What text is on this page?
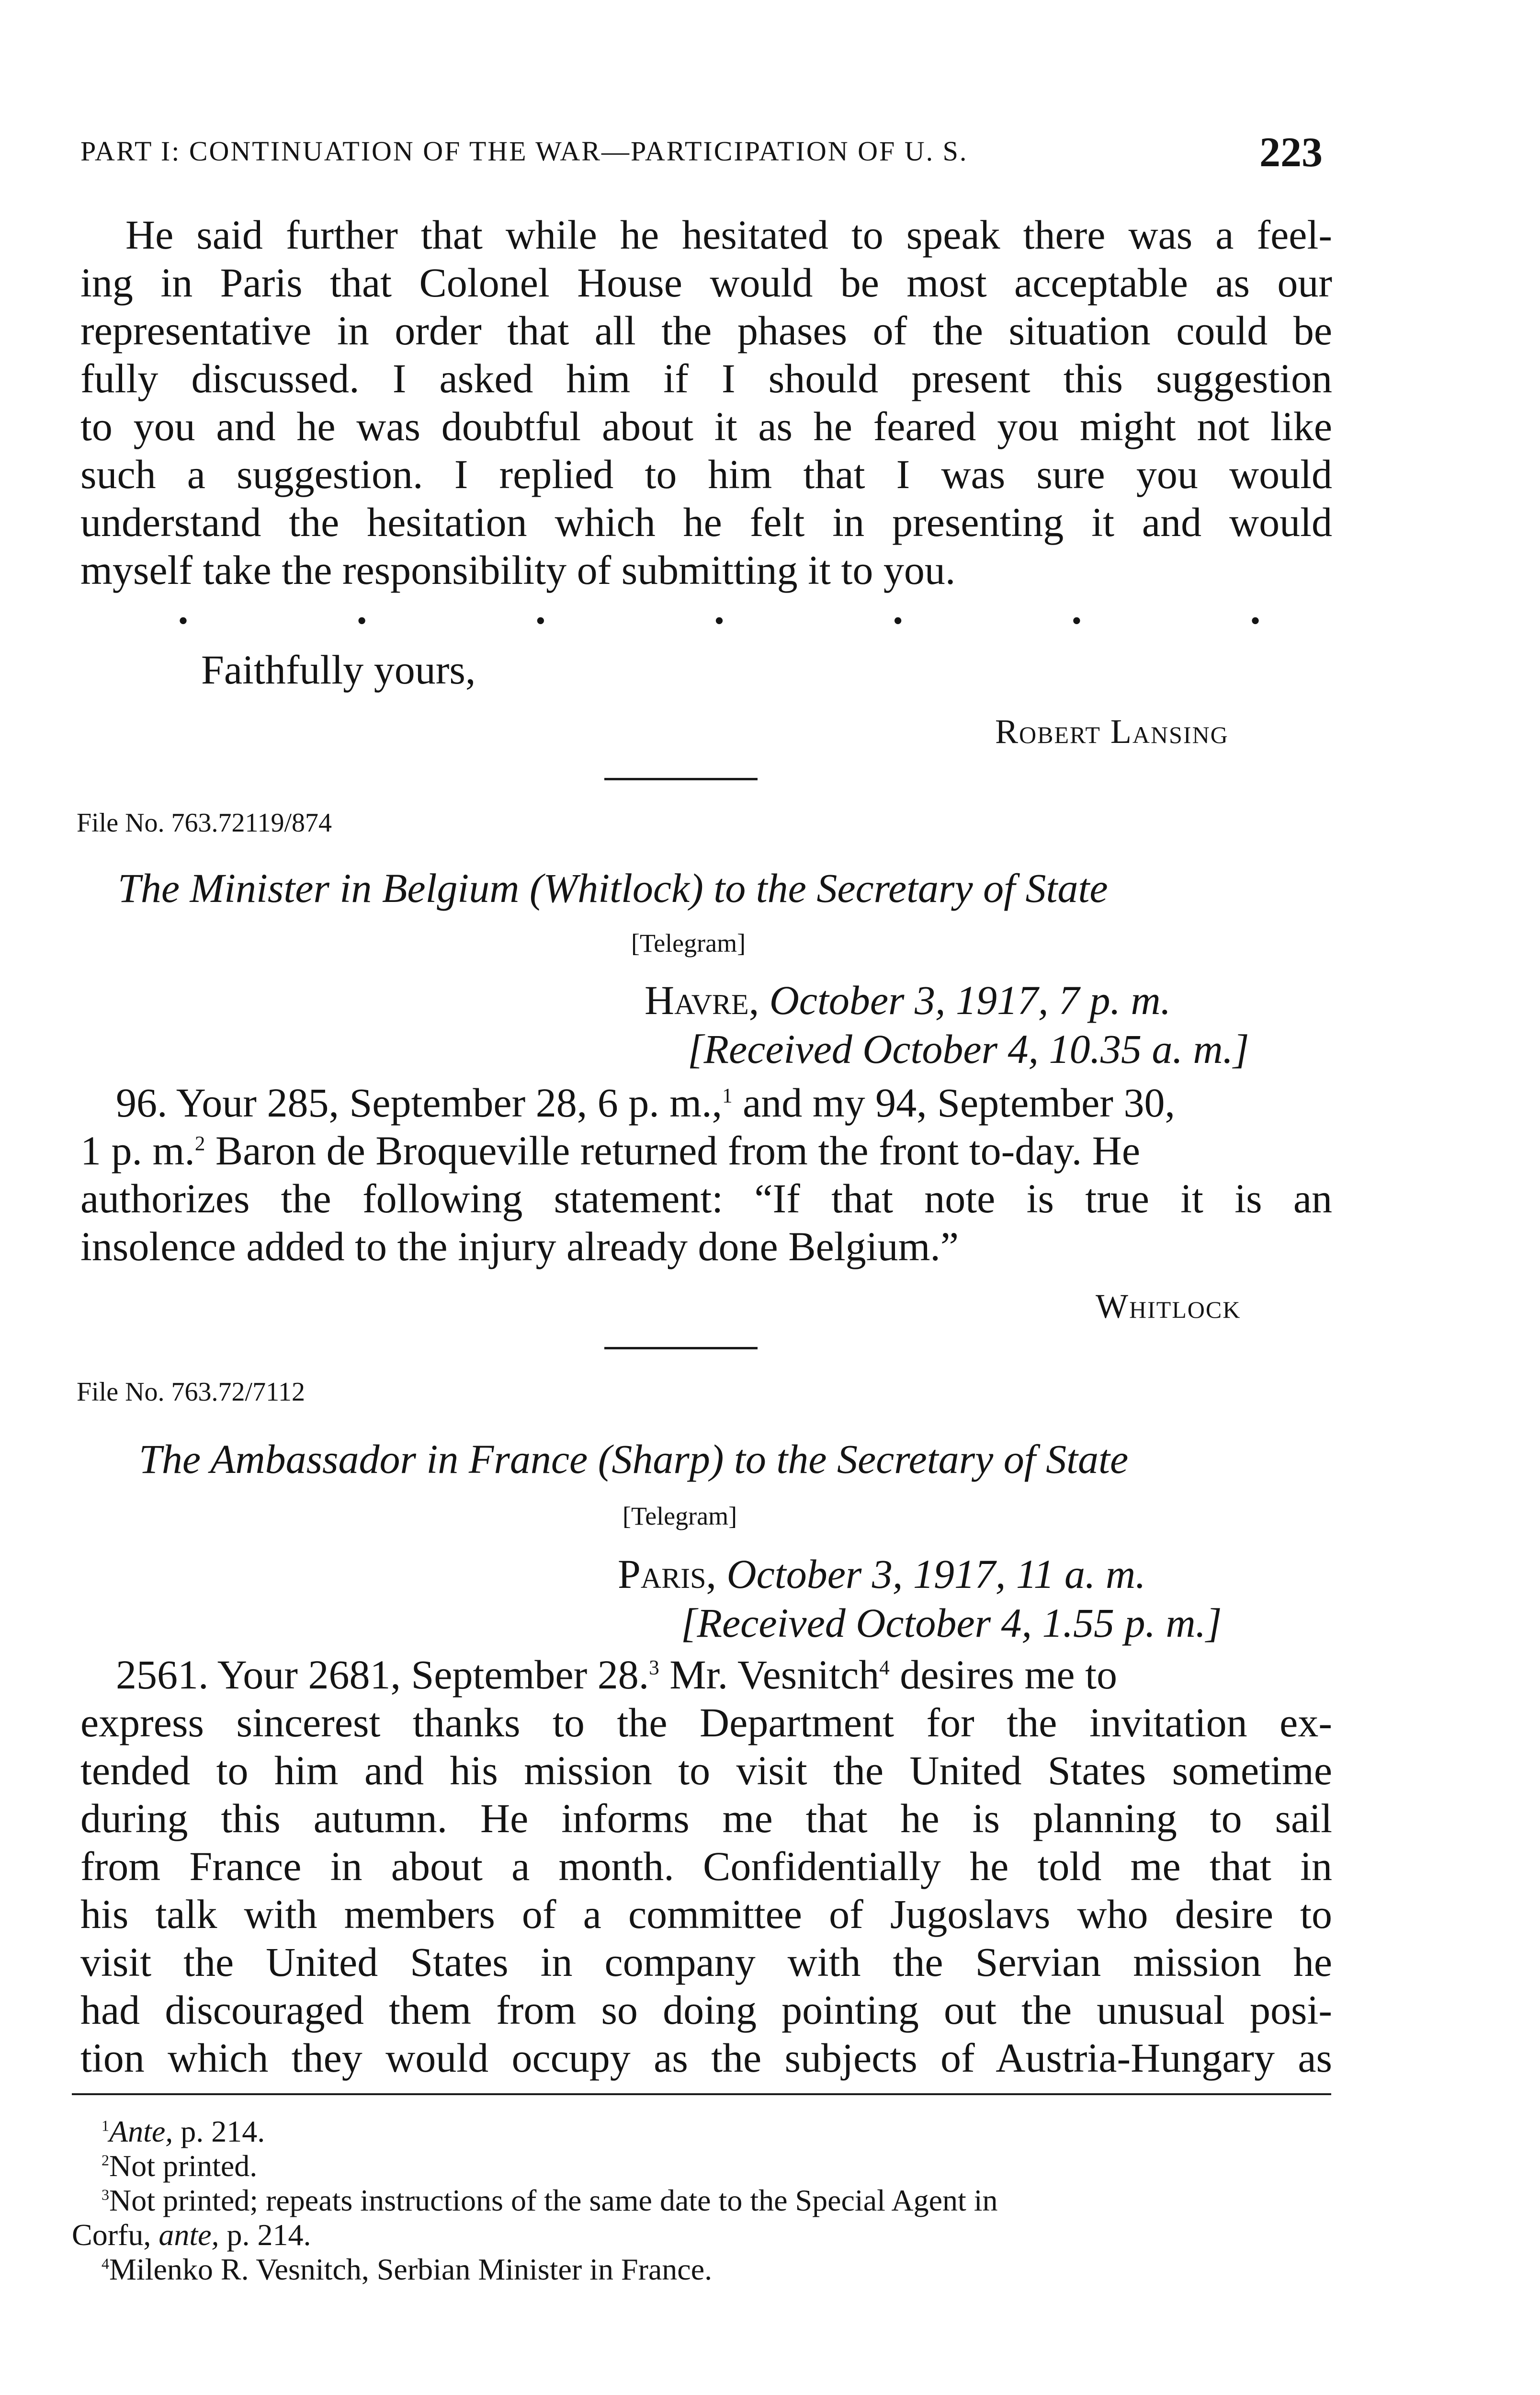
PART I: CONTINUATION OF THE WAR—PARTICIPATION OF U. S.	223
He said further that while he hesitated to speak there was a feel-
ing in Paris that Colonel House would be most acceptable as our
representative in order that all the phases of the situation could be
fully discussed. I asked him if I should present this suggestion
to you and he was doubtful about it as he feared you might not like
such a suggestion. I replied to him that I was sure you would
understand the hesitation which he felt in presenting it and would
myself take the responsibility of submitting it to you.
• • • • • • •
Faithfully yours,
Robert Lansing
File No. 763.72119/874
The Minister in Belgium (Whitlock) to the Secretary of State
[Telegram]
Havre, October 3, 1917, 7 p. m.
[Received October 4, 10.35 a. m.]
96. Your 285, September 28, 6 p. m.,$^1$ and my 94, September 30,
1 p. m.$^2$ Baron de Broqueville returned from the front to-day. He
authorizes the following statement: “If that note is true it is an
insolence added to the injury already done Belgium.”
Whitlock
File No. 763.72/7112
The Ambassador in France (Sharp) to the Secretary of State
[Telegram]
Paris, October 3, 1917, 11 a. m.
[Received October 4, 1.55 p. m.]
2561. Your 2681, September 28.$^3$ Mr. Vesnitch$^4$ desires me to
express sincerest thanks to the Department for the invitation ex-
tended to him and his mission to visit the United States sometime
during this autumn. He informs me that he is planning to sail
from France in about a month. Confidentially he told me that in
his talk with members of a committee of Jugoslavs who desire to
visit the United States in company with the Servian mission he
had discouraged them from so doing pointing out the unusual posi-
tion which they would occupy as the subjects of Austria-Hungary as
$^1$Ante, p. 214.
$^2$Not printed.
$^3$Not printed; repeats instructions of the same date to the Special Agent in
Corfu, ante, p. 214.
$^4$Milenko R. Vesnitch, Serbian Minister in France.
